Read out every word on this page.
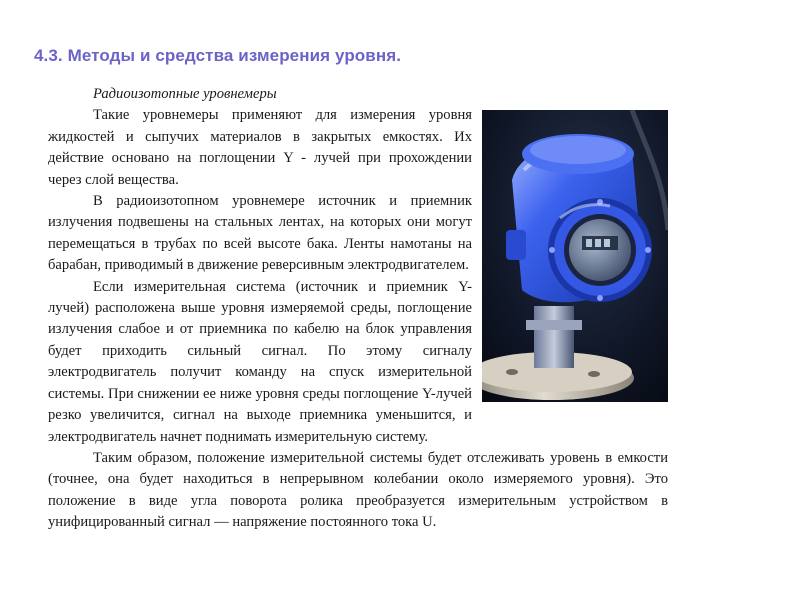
4.3. Методы и средства измерения уровня.

Радиоизотопные уровнемеры

Такие уровнемеры применяют для измерения уровня жидкостей и сыпучих материалов в закрытых емкостях. Их действие основано на поглощении Y - лучей при прохождении через слой вещества.

В радиоизотопном уровнемере источник и приемник излучения подвешены на стальных лентах, на которых они могут перемещаться в трубах по всей высоте бака. Ленты намотаны на барабан, приводимый в движение реверсивным электродвигателем.

Если измерительная система (источник и приемник Y-лучей) расположена выше уровня измеряемой среды, поглощение излучения слабое и от приемника по кабелю на блок управления будет приходить сильный сигнал. По этому сигналу электродвигатель получит команду на спуск измерительной системы. При снижении ее ниже уровня среды поглощение Y-лучей резко увеличится, сигнал на выходе приемника уменьшится, и электродвигатель начнет поднимать измерительную систему.

Таким образом, положение измерительной системы будет отслеживать уровень в емкости (точнее, она будет находиться в непрерывном колебании около измеряемого уровня). Это положение в виде угла поворота ролика преобразуется измерительным устройством в унифицированный сигнал — напряжение постоянного тока U.
